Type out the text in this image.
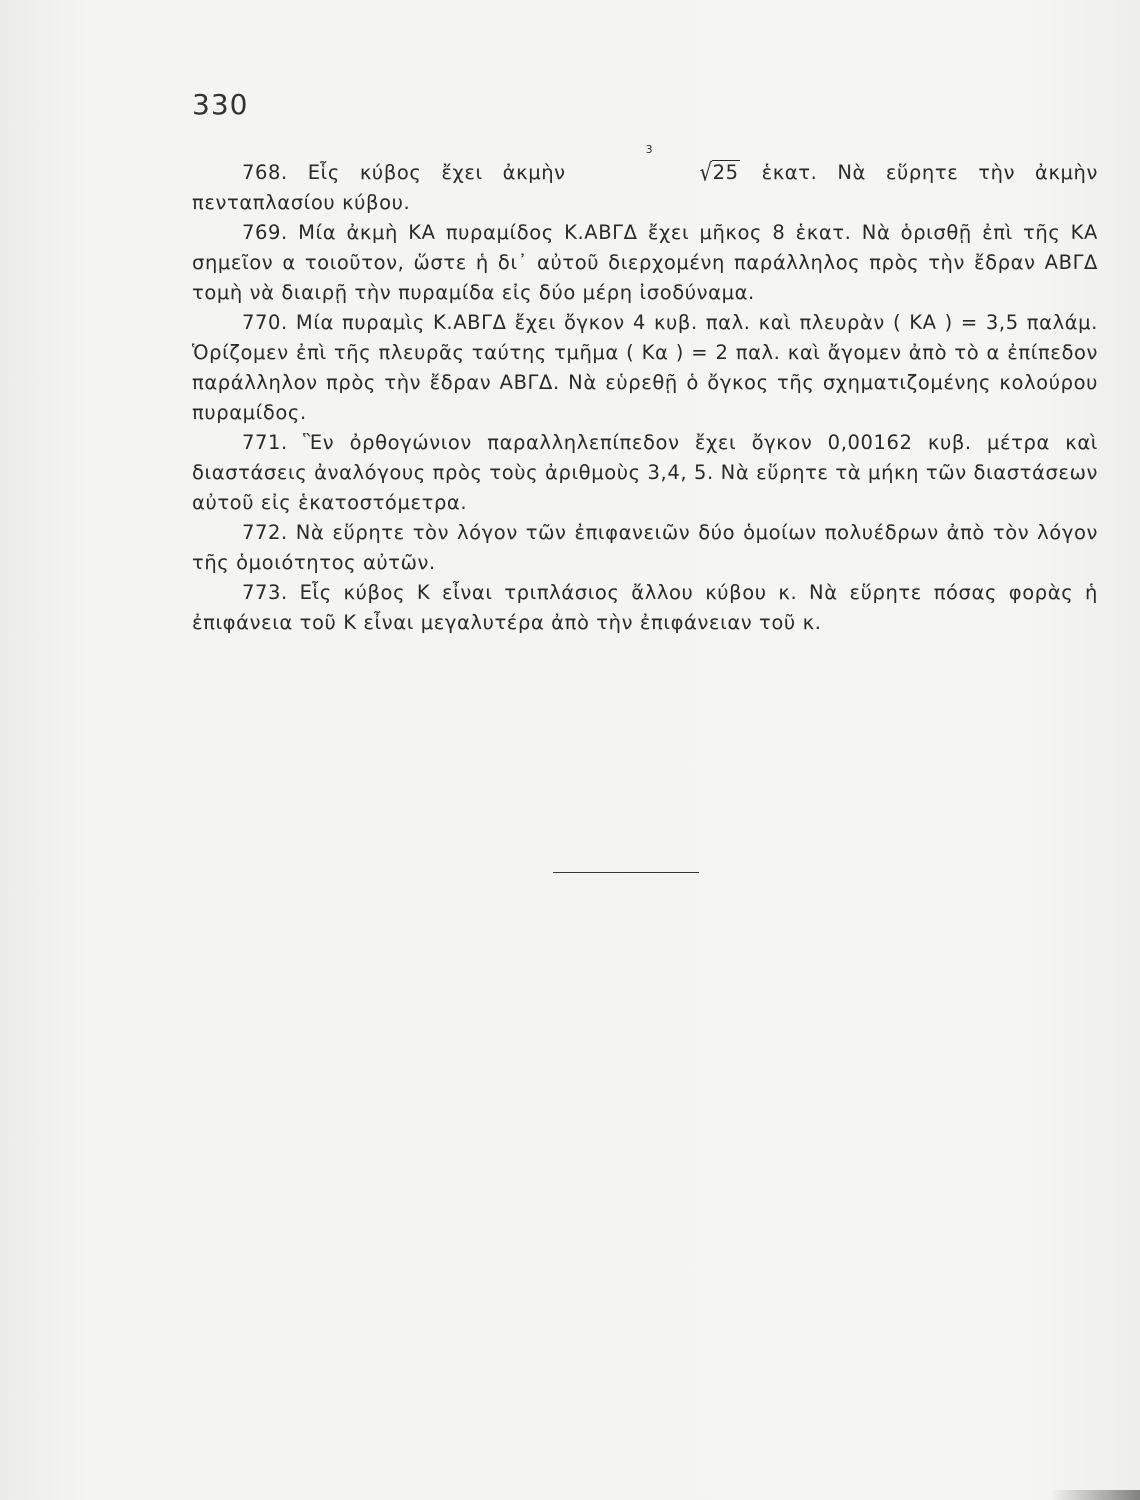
330

768. Εἷς κύβος ἔχει ἀκμὴν
3
√25 ἑκατ. Νὰ εὕρητε τὴν ἀκμὴν πενταπλασίου κύβου.

769. Μία ἀκμὴ ΚΑ πυραμίδος Κ.ΑΒΓΔ ἔχει μῆκος 8 ἑκατ. Νὰ ὁρισθῇ ἐπὶ τῆς ΚΑ σημεῖον α τοιοῦτον, ὥστε ἡ δι᾽ αὐτοῦ διερχομένη παράλληλος πρὸς τὴν ἔδραν ΑΒΓΔ τομὴ νὰ διαιρῇ τὴν πυραμίδα εἰς δύο μέρη ἰσοδύναμα.

770. Μία πυραμὶς Κ.ΑΒΓΔ ἔχει ὄγκον 4 κυβ. παλ. καὶ πλευρὰν ( ΚΑ ) = 3,5 παλάμ. Ὁρίζομεν ἐπὶ τῆς πλευρᾶς ταύτης τμῆμα ( Κα ) = 2 παλ. καὶ ἄγομεν ἀπὸ τὸ α ἐπίπεδον παράλληλον πρὸς τὴν ἔδραν ΑΒΓΔ. Νὰ εὑρεθῇ ὁ ὄγκος τῆς σχηματιζομένης κολούρου πυραμίδος.

771. Ἓν ὀρθογώνιον παραλληλεπίπεδον ἔχει ὄγκον 0,00162 κυβ. μέτρα καὶ διαστάσεις ἀναλόγους πρὸς τοὺς ἀριθμοὺς 3,4, 5. Νὰ εὕρητε τὰ μήκη τῶν διαστάσεων αὐτοῦ εἰς ἑκατοστόμετρα.

772. Νὰ εὕρητε τὸν λόγον τῶν ἐπιφανειῶν δύο ὁμοίων πολυέδρων ἀπὸ τὸν λόγον τῆς ὁμοιότητος αὐτῶν.

773. Εἷς κύβος Κ εἶναι τριπλάσιος ἄλλου κύβου κ. Νὰ εὕρητε πόσας φορὰς ἡ ἐπιφάνεια τοῦ Κ εἶναι μεγαλυτέρα ἀπὸ τὴν ἐπιφάνειαν τοῦ κ.
